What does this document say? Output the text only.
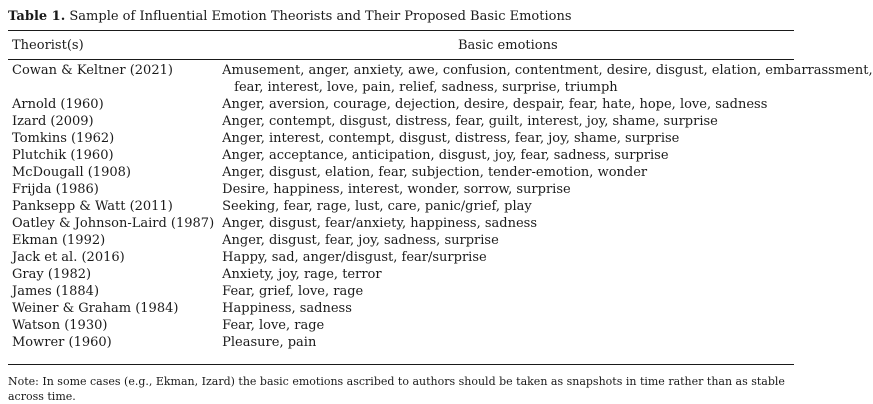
Table 1. Sample of Influential Emotion Theorists and Their Proposed Basic Emotions
Theorist(s)	Basic emotions
Cowan & Keltner (2021)	Amusement, anger, anxiety, awe, confusion, contentment, desire, disgust, elation, embarrassment,
fear, interest, love, pain, relief, sadness, surprise, triumph

Arnold (1960)	Anger, aversion, courage, dejection, desire, despair, fear, hate, hope, love, sadness

Izard (2009)	Anger, contempt, disgust, distress, fear, guilt, interest, joy, shame, surprise

Tomkins (1962)	Anger, interest, contempt, disgust, distress, fear, joy, shame, surprise

Plutchik (1960)	Anger, acceptance, anticipation, disgust, joy, fear, sadness, surprise

McDougall (1908)	Anger, disgust, elation, fear, subjection, tender-emotion, wonder

Frijda (1986)	Desire, happiness, interest, wonder, sorrow, surprise

Panksepp & Watt (2011)	Seeking, fear, rage, lust, care, panic/grief, play

Oatley & Johnson-Laird (1987)	Anger, disgust, fear/anxiety, happiness, sadness

Ekman (1992)	Anger, disgust, fear, joy, sadness, surprise

Jack et al. (2016)	Happy, sad, anger/disgust, fear/surprise

Gray (1982)	Anxiety, joy, rage, terror

James (1884)	Fear, grief, love, rage

Weiner & Graham (1984)	Happiness, sadness

Watson (1930)	Fear, love, rage

Mowrer (1960)	Pleasure, pain
Note: In some cases (e.g., Ekman, Izard) the basic emotions ascribed to authors should be taken as snapshots in time rather than as stable across time.
